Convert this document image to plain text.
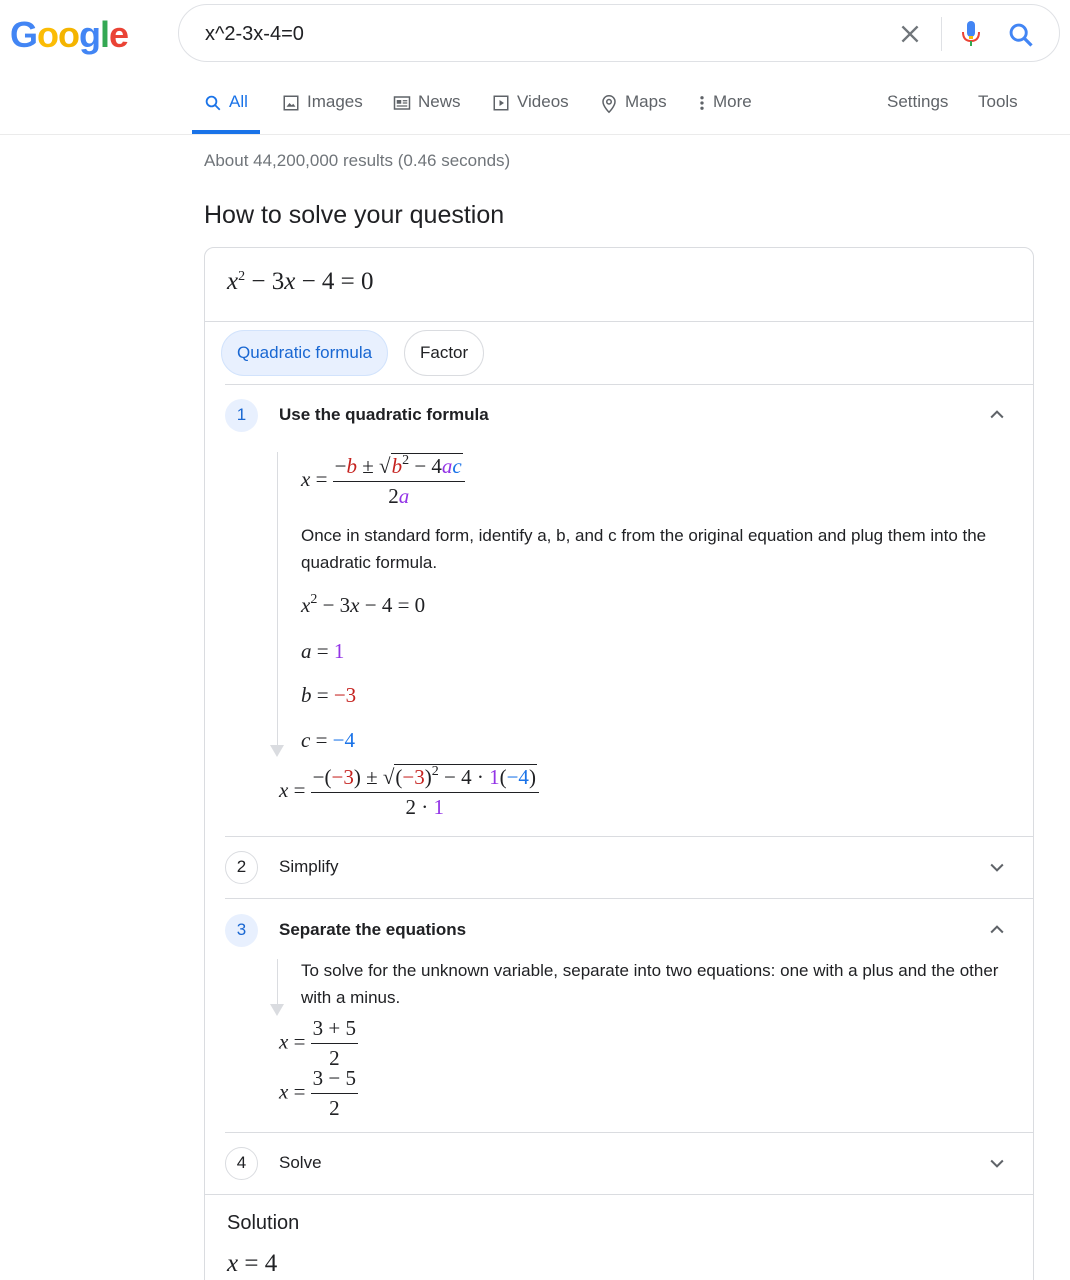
Google
x^2-3x-4=0
All	Images	News	Videos	Maps	More	Settings Tools
About 44,200,000 results (0.46 seconds)
How to solve your question
$x^2 - 3x - 4 = 0$
Quadratic formula	Factor
1	Use the quadratic formula
$x = \frac{-b \pm √b^2 - 4ac}{2a}$
Once in standard form, identify a, b, and c from the original equation and plug them into the quadratic formula.
$x^2 - 3x - 4 = 0$
a = 1
b = −3
c = −4
$x = \frac{-(-3) \pm √(-3)^2 - 4 \cdot 1(-4)}{2 \cdot 1}$
2	Simplify
3	Separate the equations
To solve for the unknown variable, separate into two equations: one with a plus and the other with a minus.
$x = \frac{3 + 5}{2}$
$x = \frac{3 - 5}{2}$
4	Solve
Solution
x = 4
